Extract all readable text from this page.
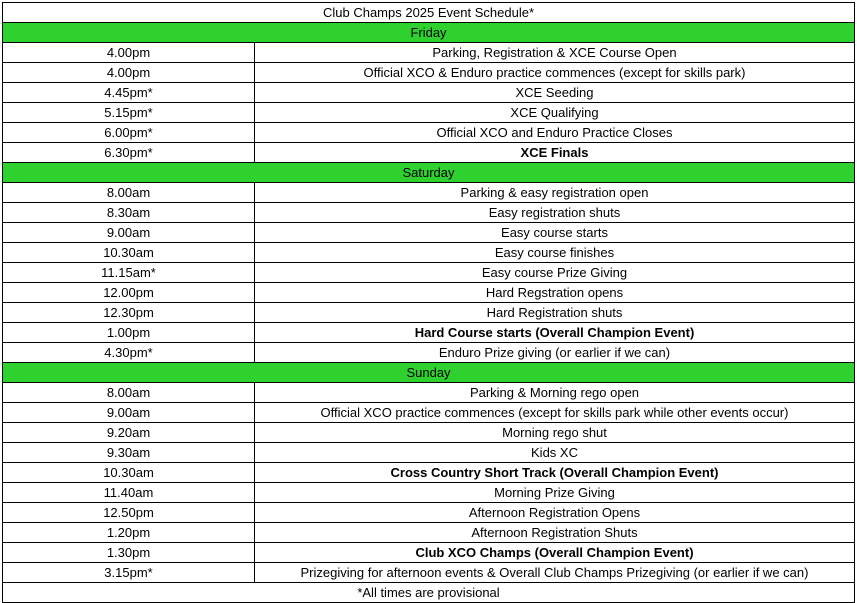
Club Champs 2025 Event Schedule*	
Friday	
4.00pm	Parking, Registration & XCE Course Open
4.00pm	Official XCO & Enduro practice commences (except for skills park)
4.45pm*	XCE Seeding
5.15pm*	XCE Qualifying
6.00pm*	Official XCO and Enduro Practice Closes
6.30pm*	XCE Finals
Saturday	
8.00am	Parking & easy registration open
8.30am	Easy registration shuts
9.00am	Easy course starts
10.30am	Easy course finishes
11.15am*	Easy course Prize Giving
12.00pm	Hard Regstration opens
12.30pm	Hard Registration shuts
1.00pm	Hard Course starts (Overall Champion Event)
4.30pm*	Enduro Prize giving (or earlier if we can)
Sunday	
8.00am	Parking & Morning rego open
9.00am	Official XCO practice commences (except for skills park while other events occur)
9.20am	Morning rego shut
9.30am	Kids XC
10.30am	Cross Country Short Track (Overall Champion Event)
11.40am	Morning Prize Giving
12.50pm	Afternoon Registration Opens
1.20pm	Afternoon Registration Shuts
1.30pm	Club XCO Champs (Overall Champion Event)
3.15pm*	Prizegiving for afternoon events & Overall Club Champs Prizegiving (or earlier if we can)
*All times are provisional	
